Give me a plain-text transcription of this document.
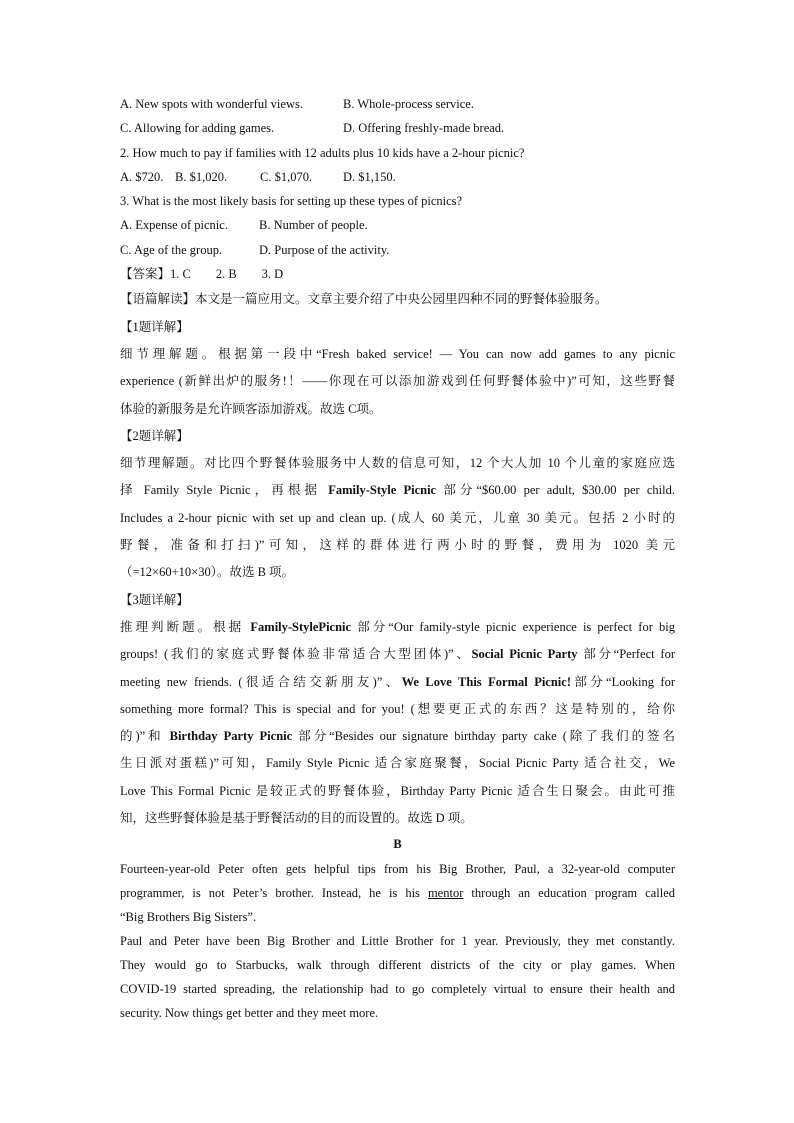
A. New spots with wonderful views.	B. Whole-process service.
C. Allowing for adding games.	D. Offering freshly-made bread.
2. How much to pay if families with 12 adults plus 10 kids have a 2-hour picnic?
A. $720. B. $1,020.	C. $1,070. D. $1,150.
3. What is the most likely basis for setting up these types of picnics?
A. Expense of picnic. B. Number of people.
C. Age of the group.	D. Purpose of the activity.
【答案】1. C        2. B        3. D
【语篇解读】本文是一篇应用文。文章主要介绍了中央公园里四种不同的野餐体验服务。
【1题详解】
细节理解题。根据第一段中“Fresh baked service! — You can now add games to any picnic
experience (新鲜出炉的服务!！——你现在可以添加游戏到任何野餐体验中)”可知，这些野餐
体验的新服务是允许顾客添加游戏。故选 C项。
【2题详解】
细节理解题。对比四个野餐体验服务中人数的信息可知，12 个大人加 10 个儿童的家庭应选
择 Family Style Picnic，再根据 Family-Style Picnic 部分“$60.00 per adult, $30.00 per child.
Includes a 2-hour picnic with set up and clean up. (成人 60 美元，儿童 30 美元。包括 2 小时的
野餐，准备和打扫)”可知，这样的群体进行两小时的野餐，费用为 1020 美元
（=12×60+10×30）。故选 B 项。
【3题详解】
推理判断题。根据 Family-StylePicnic 部分“Our family-style picnic experience is perfect for big
groups! (我们的家庭式野餐体验非常适合大型团体)”、Social Picnic Party 部分“Perfect for
meeting new friends. (很适合结交新朋友)”、We Love This Formal Picnic!部分“Looking for
something more formal? This is special and for you! (想要更正式的东西？这是特别的，给你
的)”和 Birthday Party Picnic 部分“Besides our signature birthday party cake (除了我们的签名
生日派对蛋糕)”可知，Family Style Picnic 适合家庭聚餐，Social Picnic Party 适合社交，We
Love This Formal Picnic 是较正式的野餐体验，Birthday Party Picnic 适合生日聚会。由此可推
知，这些野餐体验是基于野餐活动的目的而设置的。故选 D 项。
B
Fourteen-year-old Peter often gets helpful tips from his Big Brother, Paul, a 32-year-old computer
programmer, is not Peter’s brother. Instead, he is his mentor through an education program called
“Big Brothers Big Sisters”.
Paul and Peter have been Big Brother and Little Brother for 1 year. Previously, they met constantly.
They would go to Starbucks, walk through different districts of the city or play games. When
COVID-19 started spreading, the relationship had to go completely virtual to ensure their health and
security. Now things get better and they meet more.
